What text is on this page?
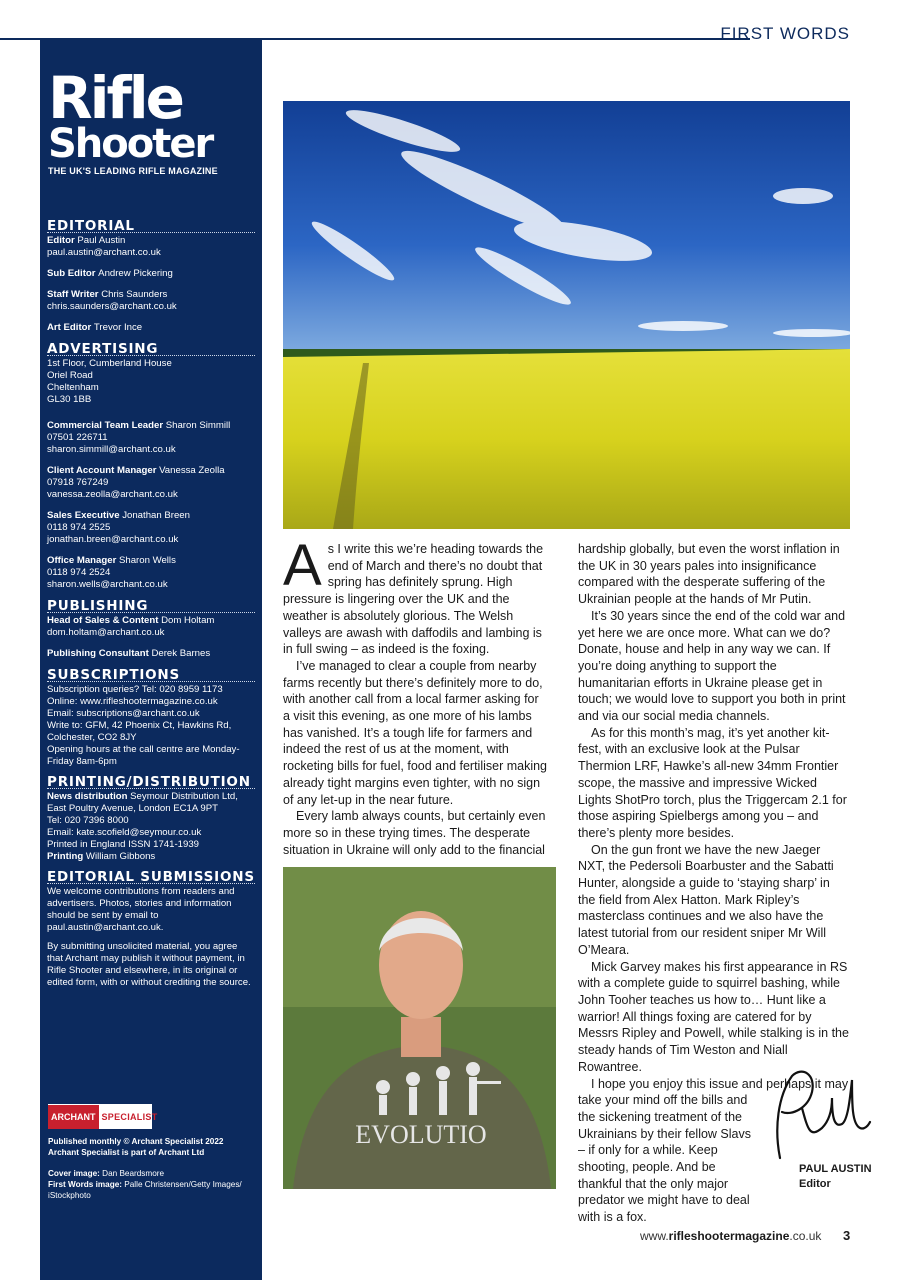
FIRST WORDS
Rifle
Shooter
THE UK'S LEADING RIFLE MAGAZINE
EDITORIAL
Editor Paul Austin
paul.austin@archant.co.uk
Sub Editor Andrew Pickering
Staff Writer Chris Saunders
chris.saunders@archant.co.uk
Art Editor Trevor Ince
ADVERTISING
1st Floor, Cumberland House
Oriel Road
Cheltenham
GL30 1BB
Commercial Team Leader Sharon Simmill
07501 226711
sharon.simmill@archant.co.uk
Client Account Manager Vanessa Zeolla
07918 767249
vanessa.zeolla@archant.co.uk
Sales Executive Jonathan Breen
0118 974 2525
jonathan.breen@archant.co.uk
Office Manager Sharon Wells
0118 974 2524
sharon.wells@archant.co.uk
PUBLISHING
Head of Sales & Content Dom Holtam
dom.holtam@archant.co.uk
Publishing Consultant Derek Barnes
SUBSCRIPTIONS
Subscription queries? Tel: 020 8959 1173
Online: www.rifleshootermagazine.co.uk
Email: subscriptions@archant.co.uk
Write to: GFM, 42 Phoenix Ct, Hawkins Rd, Colchester, CO2 8JY
Opening hours at the call centre are Monday-Friday 8am-6pm
PRINTING/DISTRIBUTION
News distribution Seymour Distribution Ltd, East Poultry Avenue, London EC1A 9PT
Tel: 020 7396 8000
Email: kate.scofield@seymour.co.uk
Printed in England ISSN 1741-1939
Printing William Gibbons
EDITORIAL SUBMISSIONS
We welcome contributions from readers and advertisers. Photos, stories and information should be sent by email to paul.austin@archant.co.uk.
By submitting unsolicited material, you agree that Archant may publish it without payment, in Rifle Shooter and elsewhere, in its original or edited form, with or without crediting the source.
ARCHANT SPECIALIST

Published monthly © Archant Specialist 2022
Archant Specialist is part of Archant Ltd

Cover image: Dan Beardsmore
First Words image: Palle Christensen/Getty Images/ iStockphoto

As I write this we’re heading towards the end of March and there’s no doubt that spring has definitely sprung. High pressure is lingering over the UK and the weather is absolutely glorious. The Welsh valleys are awash with daffodils and lambing is in full swing – as indeed is the foxing.

I’ve managed to clear a couple from nearby farms recently but there’s definitely more to do, with another call from a local farmer asking for a visit this evening, as one more of his lambs has vanished. It’s a tough life for farmers and indeed the rest of us at the moment, with rocketing bills for fuel, food and fertiliser making already tight margins even tighter, with no sign of any let-up in the near future.

Every lamb always counts, but certainly even more so in these trying times. The desperate situation in Ukraine will only add to the financial

EVOLUTIO

hardship globally, but even the worst inflation in the UK in 30 years pales into insignificance compared with the desperate suffering of the Ukrainian people at the hands of Mr Putin.

It’s 30 years since the end of the cold war and yet here we are once more. What can we do? Donate, house and help in any way we can. If you’re doing anything to support the humanitarian efforts in Ukraine please get in touch; we would love to support you both in print and via our social media channels.

As for this month’s mag, it’s yet another kit-fest, with an exclusive look at the Pulsar Thermion LRF, Hawke’s all-new 34mm Frontier scope, the massive and impressive Wicked Lights ShotPro torch, plus the Triggercam 2.1 for those aspiring Spielbergs among you – and there’s plenty more besides.

On the gun front we have the new Jaeger NXT, the Pedersoli Boarbuster and the Sabatti Hunter, alongside a guide to ‘staying sharp’ in the field from Alex Hatton. Mark Ripley’s masterclass continues and we also have the latest tutorial from our resident sniper Mr Will O’Meara.

Mick Garvey makes his first appearance in RS with a complete guide to squirrel bashing, while John Tooher teaches us how to… Hunt like a warrior! All things foxing are catered for by Messrs Ripley and Powell, while stalking is in the steady hands of Tim Weston and Niall Rowantree.

I hope you enjoy this issue and perhaps it may

take your mind off the bills and
the sickening treatment of the
Ukrainians by their fellow Slavs
– if only for a while. Keep
shooting, people. And be
thankful that the only major
predator we might have to deal
with is a fox.
PAUL AUSTIN
Editor
www.rifleshootermagazine.co.uk 3
